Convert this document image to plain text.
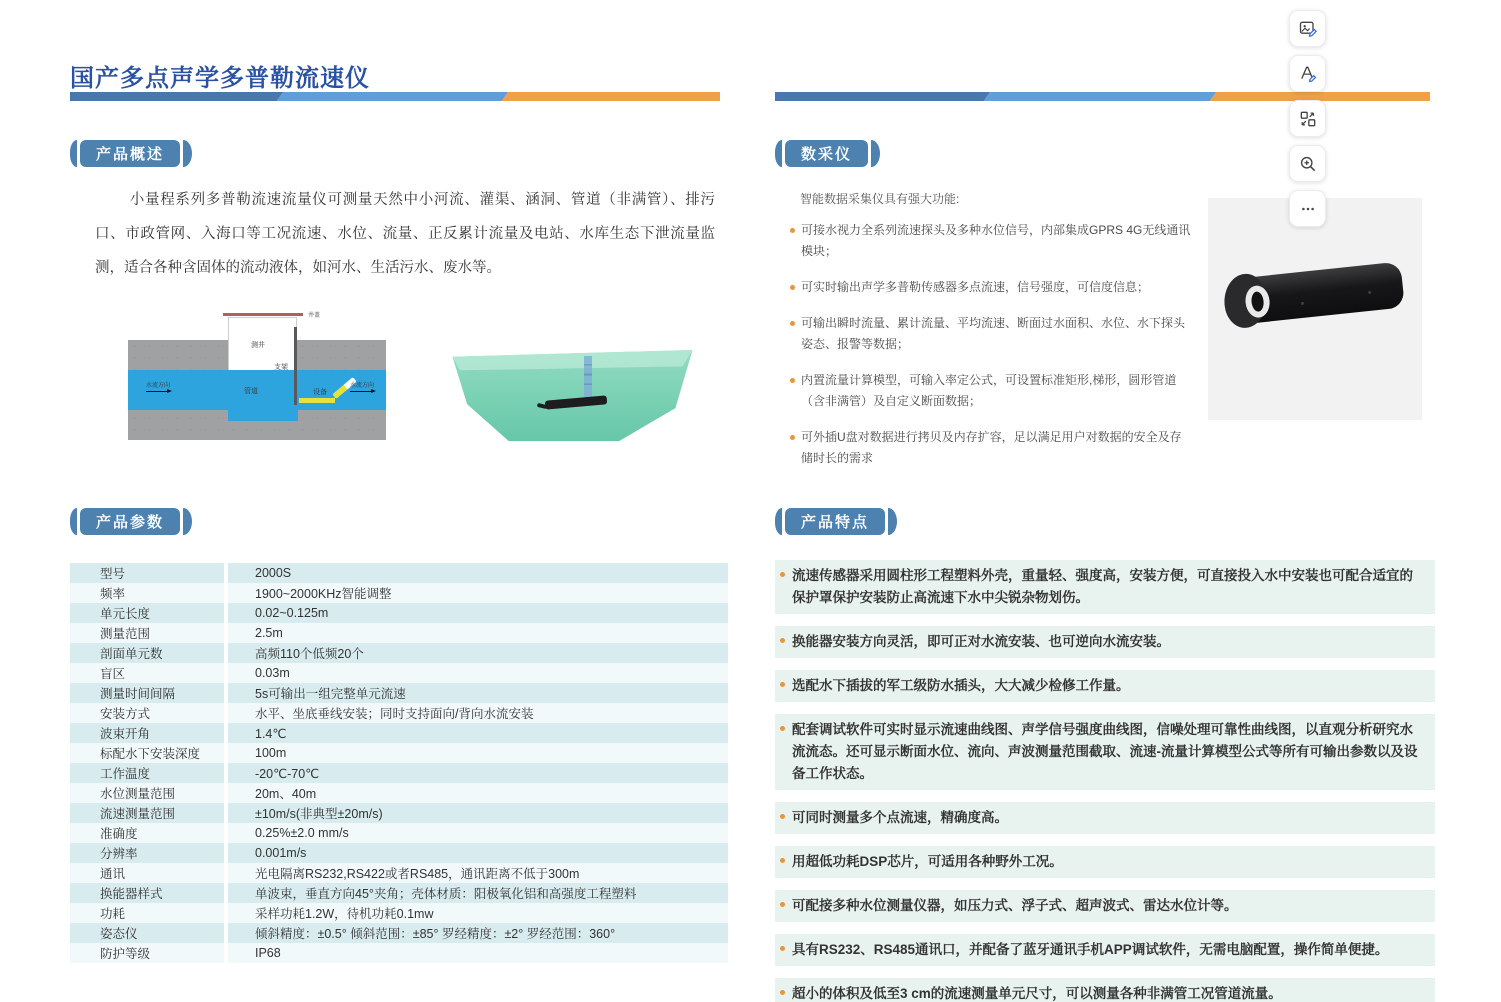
国产多点声学多普勒流速仪
产品概述

小量程系列多普勒流速流量仪可测量天然中小河流、灌渠、涵洞、管道（非满管）、排污口、市政管网、入海口等工况流速、水位、流量、正反累计流量及电站、水库生态下泄流量监测，适合各种含固体的流动液体，如河水、生活污水、废水等。

井盖
测井
支架
管道	设备
水流方向	水流方向
产品参数
型号	2000S
频率	1900~2000KHz智能调整
单元长度	0.02~0.125m
测量范围	2.5m
剖面单元数	高频110个低频20个
盲区	0.03m
测量时间间隔	5s可输出一组完整单元流速
安装方式	水平、坐底垂线安装；同时支持面向/背向水流安装
波束开角	1.4℃
标配水下安装深度	100m
工作温度	-20℃-70℃
水位测量范围	20m、40m
流速测量范围	±10m/s(非典型±20m/s)
准确度	0.25%±2.0 mm/s
分辨率	0.001m/s
通讯	光电隔离RS232,RS422或者RS485，通讯距离不低于300m
换能器样式	单波束，垂直方向45°夹角；壳体材质：阳极氧化铝和高强度工程塑料
功耗	采样功耗1.2W，待机功耗0.1mw
姿态仪	倾斜精度：±0.5° 倾斜范围：±85° 罗经精度：±2° 罗经范围：360°
防护等级	IP68
数采仪

智能数据采集仪具有强大功能:

可接水视力全系列流速探头及多种水位信号，内部集成GPRS 4G无线通讯模块；
可实时输出声学多普勒传感器多点流速，信号强度，可信度信息；
可输出瞬时流量、累计流量、平均流速、断面过水面积、水位、水下探头姿态、报警等数据；
内置流量计算模型，可输入率定公式，可设置标准矩形,梯形，圆形管道（含非满管）及自定义断面数据；
可外插U盘对数据进行拷贝及内存扩容，足以满足用户对数据的安全及存储时长的需求
产品特点
流速传感器采用圆柱形工程塑料外壳，重量轻、强度高，安装方便，可直接投入水中安装也可配合适宜的保护罩保护安装防止高流速下水中尖锐杂物划伤。
换能器安装方向灵活，即可正对水流安装、也可逆向水流安装。
选配水下插拔的军工级防水插头，大大减少检修工作量。
配套调试软件可实时显示流速曲线图、声学信号强度曲线图，信噪处理可靠性曲线图，以直观分析研究水流流态。还可显示断面水位、流向、声波测量范围截取、流速-流量计算模型公式等所有可输出参数以及设备工作状态。
可同时测量多个点流速，精确度高。
用超低功耗DSP芯片，可适用各种野外工况。
可配接多种水位测量仪器，如压力式、浮子式、超声波式、雷达水位计等。
具有RS232、RS485通讯口，并配备了蓝牙通讯手机APP调试软件，无需电脑配置，操作简单便捷。
超小的体积及低至3 cm的流速测量单元尺寸，可以测量各种非满管工况管道流量。
